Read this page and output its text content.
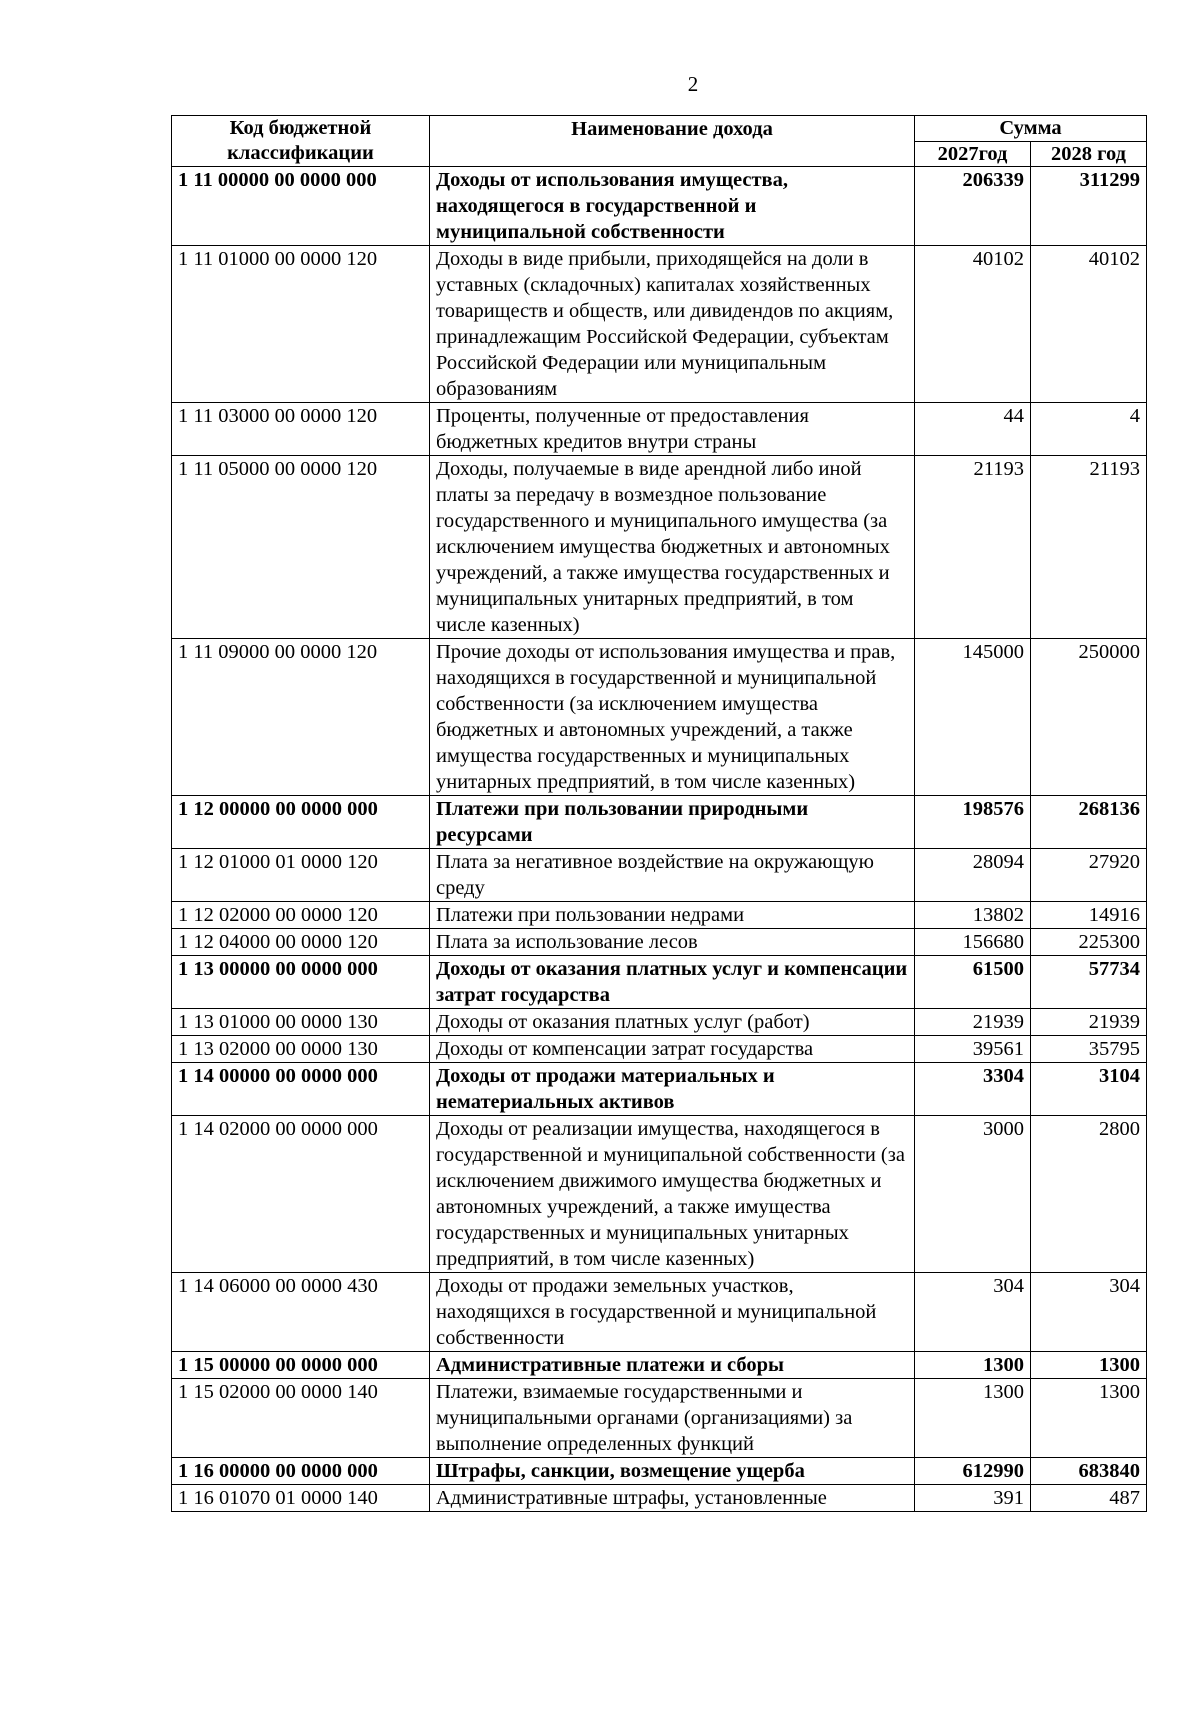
2
Код бюджетной классификации	Наименование дохода	Сумма	
		2027год	2028 год
1 11 00000 00 0000 000	Доходы от использования имущества, находящегося в государственной и муниципальной собственности	206339	311299
1 11 01000 00 0000 120	Доходы в виде прибыли, приходящейся на доли в уставных (складочных) капиталах хозяйственных товариществ и обществ, или дивидендов по акциям, принадлежащим Российской Федерации, субъектам Российской Федерации или муниципальным образованиям	40102	40102
1 11 03000 00 0000 120	Проценты, полученные от предоставления бюджетных кредитов внутри страны	44	4
1 11 05000 00 0000 120	Доходы, получаемые в виде арендной либо иной платы за передачу в возмездное пользование государственного и муниципального имущества (за исключением имущества бюджетных и автономных учреждений, а также имущества государственных и муниципальных унитарных предприятий, в том числе казенных)	21193	21193
1 11 09000 00 0000 120	Прочие доходы от использования имущества и прав, находящихся в государственной и муниципальной собственности (за исключением имущества бюджетных и автономных учреждений, а также имущества государственных и муниципальных унитарных предприятий, в том числе казенных)	145000	250000
1 12 00000 00 0000 000	Платежи при пользовании природными ресурсами	198576	268136
1 12 01000 01 0000 120	Плата за негативное воздействие на окружающую среду	28094	27920
1 12 02000 00 0000 120	Платежи при пользовании недрами	13802	14916
1 12 04000 00 0000 120	Плата за использование лесов	156680	225300
1 13 00000 00 0000 000	Доходы от оказания платных услуг и компенсации затрат государства	61500	57734
1 13 01000 00 0000 130	Доходы от оказания платных услуг (работ)	21939	21939
1 13 02000 00 0000 130	Доходы от компенсации затрат государства	39561	35795
1 14 00000 00 0000 000	Доходы от продажи материальных и нематериальных активов	3304	3104
1 14 02000 00 0000 000	Доходы от реализации имущества, находящегося в государственной и муниципальной собственности (за исключением движимого имущества бюджетных и автономных учреждений, а также имущества государственных и муниципальных унитарных предприятий, в том числе казенных)	3000	2800
1 14 06000 00 0000 430	Доходы от продажи земельных участков, находящихся в государственной и муниципальной собственности	304	304
1 15 00000 00 0000 000	Административные платежи и сборы	1300	1300
1 15 02000 00 0000 140	Платежи, взимаемые государственными и муниципальными органами (организациями) за выполнение определенных функций	1300	1300
1 16 00000 00 0000 000	Штрафы, санкции, возмещение ущерба	612990	683840
1 16 01070 01 0000 140	Административные штрафы, установленные	391	487
